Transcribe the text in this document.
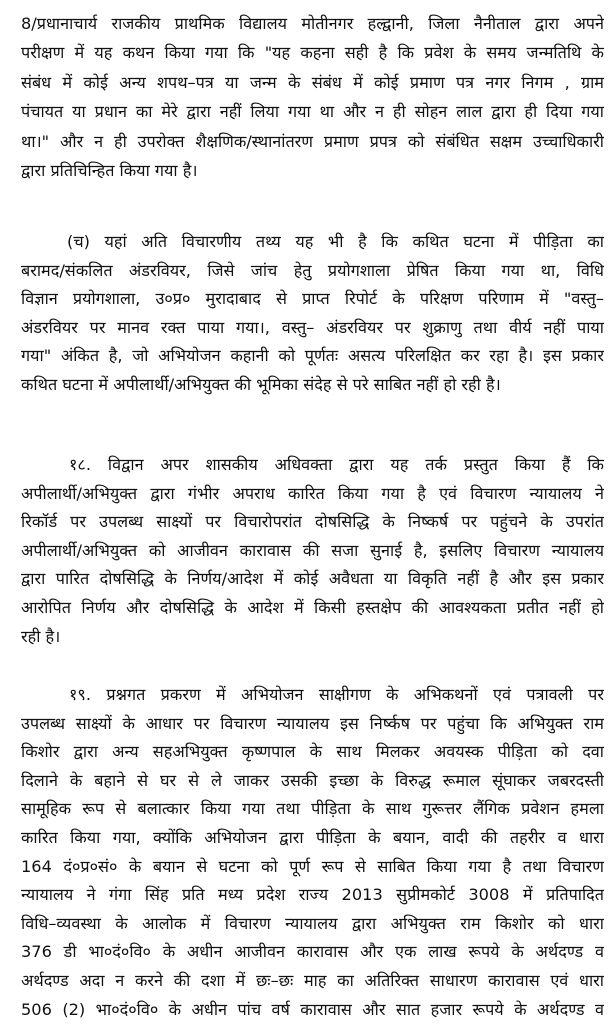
8/प्रधानाचार्य राजकीय प्राथमिक विद्यालय मोतीनगर हल्द्वानी, जिला नैनीताल द्वारा अपने
परीक्षण में यह कथन किया गया कि "यह कहना सही है कि प्रवेश के समय जन्मतिथि के
संबंध में कोई अन्य शपथ–पत्र या जन्म के संबंध में कोई प्रमाण पत्र नगर निगम , ग्राम
पंचायत या प्रधान का मेरे द्वारा नहीं लिया गया था और न ही सोहन लाल द्वारा ही दिया गया
था।" और न ही उपरोक्त शैक्षणिक/स्थानांतरण प्रमाण प्रपत्र को संबंधित सक्षम उच्चाधिकारी
द्वारा प्रतिचिन्हित किया गया है।
(च) यहां अति विचारणीय तथ्य यह भी है कि कथित घटना में पीड़िता का
बरामद/संकलित अंडरवियर, जिसे जांच हेतु प्रयोगशाला प्रेषित किया गया था, विधि
विज्ञान प्रयोगशाला, उ०प्र० मुरादाबाद से प्राप्त रिपोर्ट के परिक्षण परिणाम में "वस्तु–
अंडरवियर पर मानव रक्त पाया गया।, वस्तु– अंडरवियर पर शुक्राणु तथा वीर्य नहीं पाया
गया" अंकित है, जो अभियोजन कहानी को पूर्णतः असत्य परिलक्षित कर रहा है। इस प्रकार
कथित घटना में अपीलार्थी/अभियुक्त की भूमिका संदेह से परे साबित नहीं हो रही है।
१८. विद्वान अपर शासकीय अधिवक्ता द्वारा यह तर्क प्रस्तुत किया हैं कि
अपीलार्थी/अभियुक्त द्वारा गंभीर अपराध कारित किया गया है एवं विचारण न्यायालय ने
रिकॉर्ड पर उपलब्ध साक्ष्यों पर विचारोपरांत दोषसिद्धि के निष्कर्ष पर पहुंचने के उपरांत
अपीलार्थी/अभियुक्त को आजीवन कारावास की सजा सुनाई है, इसलिए विचारण न्यायालय
द्वारा पारित दोषसिद्धि के निर्णय/आदेश में कोई अवैधता या विकृति नहीं है और इस प्रकार
आरोपित निर्णय और दोषसिद्धि के आदेश में किसी हस्तक्षेप की आवश्यकता प्रतीत नहीं हो
रही है।
१९. प्रश्नगत प्रकरण में अभियोजन साक्षीगण के अभिकथनों एवं पत्रावली पर
उपलब्ध साक्ष्यों के आधार पर विचारण न्यायालय इस निर्ष्कष पर पहुंचा कि अभियुक्त राम
किशोर द्वारा अन्य सहअभियुक्त कृष्णपाल के साथ मिलकर अवयस्क पीड़िता को दवा
दिलाने के बहाने से घर से ले जाकर उसकी इच्छा के विरुद्ध रूमाल सूंघाकर जबरदस्ती
सामूहिक रूप से बलात्कार किया गया तथा पीड़िता के साथ गुरूत्तर लैंगिक प्रवेशन हमला
कारित किया गया, क्योंकि अभियोजन द्वारा पीड़िता के बयान, वादी की तहरीर व धारा
164 दं०प्र०सं० के बयान से घटना को पूर्ण रूप से साबित किया गया है तथा विचारण
न्यायालय ने गंगा सिंह प्रति मध्य प्रदेश राज्य 2013 सुप्रीमकोर्ट 3008 में प्रतिपादित
विधि–व्यवस्था के आलोक में विचारण न्यायालय द्वारा अभियुक्त राम किशोर को धारा
376 डी भा०दं०वि० के अधीन आजीवन कारावास और एक लाख रूपये के अर्थदण्ड व
अर्थदण्ड अदा न करने की दशा में छः–छः माह का अतिरिक्त साधारण कारावास एवं धारा
506 (2) भा०दं०वि० के अधीन पांच वर्ष कारावास और सात हजार रूपये के अर्थदण्ड व
